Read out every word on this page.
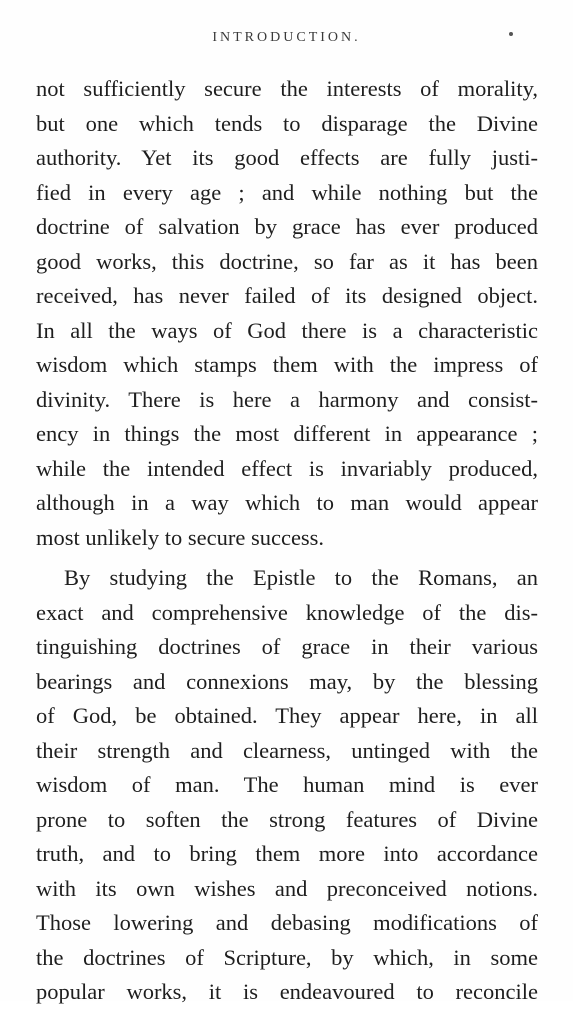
INTRODUCTION.
not sufficiently secure the interests of morality,
but one which tends to disparage the Divine
authority. Yet its good effects are fully justi-
fied in every age ; and while nothing but the
doctrine of salvation by grace has ever produced
good works, this doctrine, so far as it has been
received, has never failed of its designed object.
In all the ways of God there is a characteristic
wisdom which stamps them with the impress of
divinity. There is here a harmony and consist-
ency in things the most different in appearance ;
while the intended effect is invariably produced,
although in a way which to man would appear
most unlikely to secure success.
By studying the Epistle to the Romans, an
exact and comprehensive knowledge of the dis-
tinguishing doctrines of grace in their various
bearings and connexions may, by the blessing
of God, be obtained. They appear here, in all
their strength and clearness, untinged with the
wisdom of man. The human mind is ever
prone to soften the strong features of Divine
truth, and to bring them more into accordance
with its own wishes and preconceived notions.
Those lowering and debasing modifications of
the doctrines of Scripture, by which, in some
popular works, it is endeavoured to reconcile
